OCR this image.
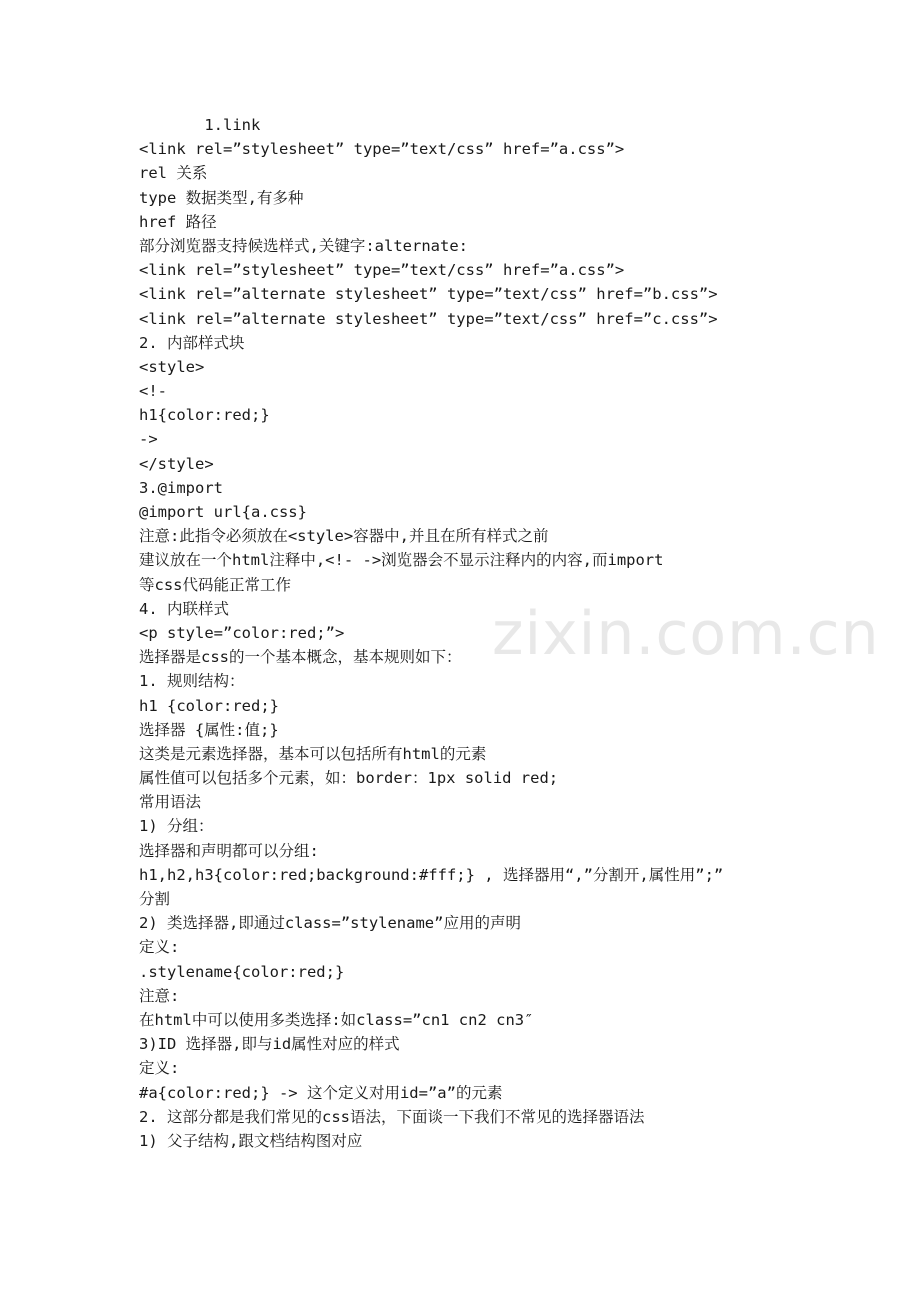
1.link
<link rel=”stylesheet” type=”text/css” href=”a.css”>
rel 关系
type 数据类型,有多种
href 路径
部分浏览器支持候选样式,关键字:alternate:
<link rel=”stylesheet” type=”text/css” href=”a.css”>
<link rel=”alternate stylesheet” type=”text/css” href=”b.css”>
<link rel=”alternate stylesheet” type=”text/css” href=”c.css”>
2. 内部样式块
<style>
<!-
h1{color:red;}
->
</style>
3.@import
@import url{a.css}
注意:此指令必须放在<style>容器中,并且在所有样式之前
建议放在一个html注释中,<!- ->浏览器会不显示注释内的内容,而import
等css代码能正常工作
4. 内联样式
<p style=”color:red;”>
选择器是css的一个基本概念，基本规则如下：
1. 规则结构：
h1 {color:red;}
选择器 {属性:值;}
这类是元素选择器，基本可以包括所有html的元素
属性值可以包括多个元素，如：border：1px solid red;
常用语法
1) 分组：
选择器和声明都可以分组:
h1,h2,h3{color:red;background:#fff;} , 选择器用“,”分割开,属性用”;”
分割
2) 类选择器,即通过class=”stylename”应用的声明
定义:
.stylename{color:red;}
注意:
在html中可以使用多类选择:如class=”cn1 cn2 cn3″
3)ID 选择器,即与id属性对应的样式
定义:
#a{color:red;} -> 这个定义对用id=”a”的元素
2. 这部分都是我们常见的css语法，下面谈一下我们不常见的选择器语法
1) 父子结构,跟文档结构图对应
zixin.com.cn
